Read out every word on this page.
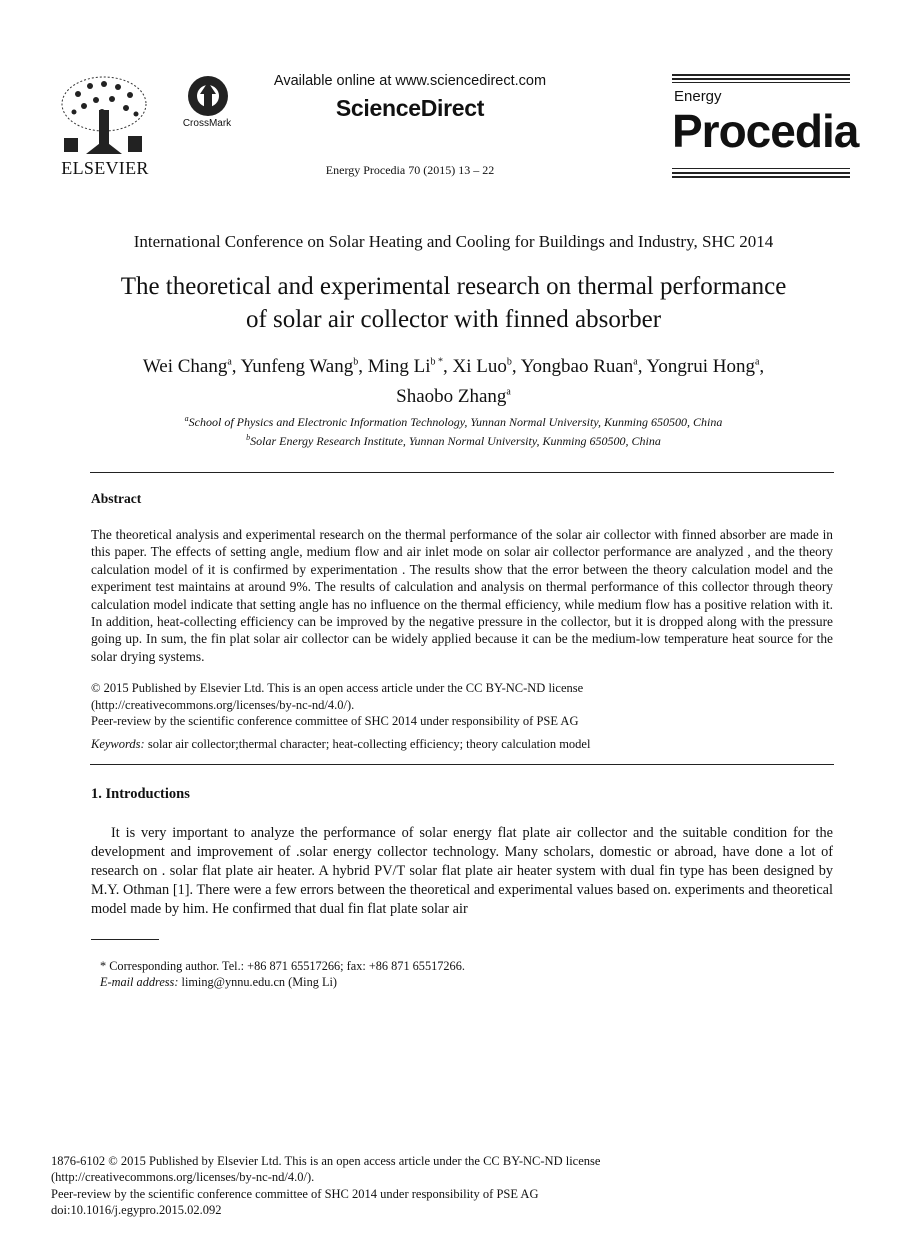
ELSEVIER
CrossMark
Available online at www.sciencedirect.com
ScienceDirect
Energy Procedia 70 (2015) 13 – 22
Energy
Procedia
International Conference on Solar Heating and Cooling for Buildings and Industry, SHC 2014
The theoretical and experimental research on thermal performance
of solar air collector with finned absorber
Wei Chang$^a$, Yunfeng Wang$^b$, Ming $Li^{b *}$, Xi Luo$^b$, Yongbao Ruan$^a$, Yongrui Hong$^a$,
Shaobo Zhang$^a$
$^a$School of Physics and Electronic Information Technology, Yunnan Normal University, Kunming 650500, China
$^b$Solar Energy Research Institute, Yunnan Normal University, Kunming 650500, China
Abstract
The theoretical analysis and experimental research on the thermal performance of the solar air collector with finned absorber are made in this paper. The effects of setting angle, medium flow and air inlet mode on solar air collector performance are analyzed , and the theory calculation model of it is confirmed by experimentation . The results show that the error between the theory calculation model and the experiment test maintains at around 9%. The results of calculation and analysis on thermal performance of this collector through theory calculation model indicate that setting angle has no influence on the thermal efficiency, while medium flow has a positive relation with it. In addition, heat-collecting efficiency can be improved by the negative pressure in the collector, but it is dropped along with the pressure going up. In sum, the fin plat solar air collector can be widely applied because it can be the medium-low temperature heat source for the solar drying systems.
© 2015 Published by Elsevier Ltd. This is an open access article under the CC BY-NC-ND license
(http://creativecommons.org/licenses/by-nc-nd/4.0/).
Peer-review by the scientific conference committee of SHC 2014 under responsibility of PSE AG
Keywords: solar air collector;thermal character; heat-collecting efficiency; theory calculation model
1. Introductions
It is very important to analyze the performance of solar energy flat plate air collector and the suitable condition for the development and improvement of .solar energy collector technology. Many scholars, domestic or abroad, have done a lot of research on . solar flat plate air heater. A hybrid PV/T solar flat plate air heater system with dual fin type has been designed by M.Y. Othman [1]. There were a few errors between the theoretical and experimental values based on. experiments and theoretical model made by him. He confirmed that dual fin flat plate solar air
* Corresponding author. Tel.: +86 871 65517266; fax: +86 871 65517266.
E-mail address: liming@ynnu.edu.cn (Ming Li)
1876-6102 © 2015 Published by Elsevier Ltd. This is an open access article under the CC BY-NC-ND license
(http://creativecommons.org/licenses/by-nc-nd/4.0/).
Peer-review by the scientific conference committee of SHC 2014 under responsibility of PSE AG
doi:10.1016/j.egypro.2015.02.092
